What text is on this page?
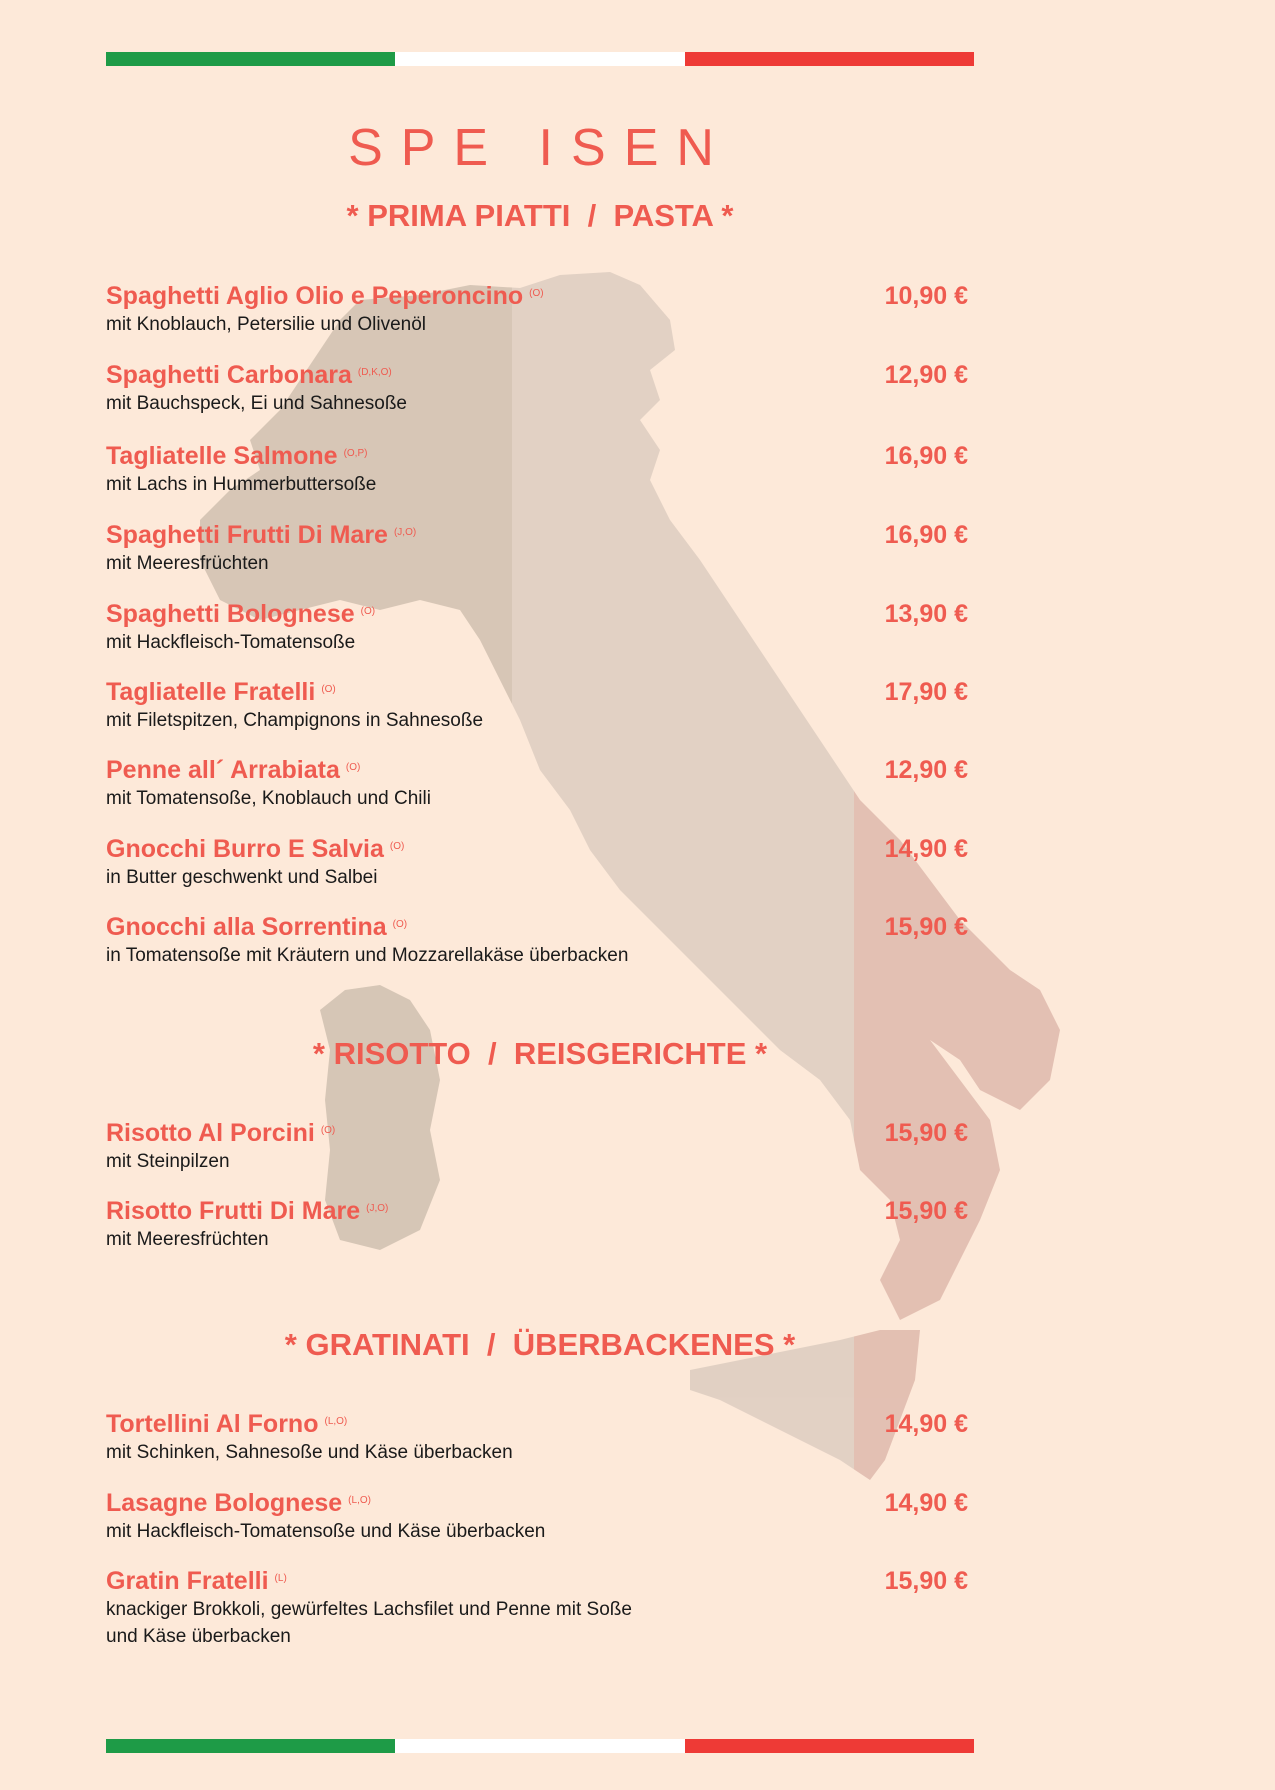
SPE ISEN
* PRIMA PIATTI  /  PASTA *
Spaghetti Aglio Olio e Peperoncino $^{(O)}$	10,90 €
mit Knoblauch, Petersilie und Olivenöl
Spaghetti Carbonara $^{(D,K,O)}$	12,90 €
mit Bauchspeck, Ei und Sahnesoße
Tagliatelle Salmone $^{(O,P)}$	16,90 €
mit Lachs in Hummerbuttersoße
Spaghetti Frutti Di Mare $^{(J,O)}$	16,90 €
mit Meeresfrüchten
Spaghetti Bolognese $^{(O)}$	13,90 €
mit Hackfleisch-Tomatensoße
Tagliatelle Fratelli $^{(O)}$	17,90 €
mit Filetspitzen, Champignons in Sahnesoße
Penne all´ Arrabiata $^{(O)}$	12,90 €
mit Tomatensoße, Knoblauch und Chili
Gnocchi Burro E Salvia $^{(O)}$	14,90 €
in Butter geschwenkt und Salbei
Gnocchi alla Sorrentina $^{(O)}$	15,90 €
in Tomatensoße mit Kräutern und Mozzarellakäse überbacken
* RISOTTO  /  REISGERICHTE *
Risotto Al Porcini $^{(O)}$	15,90 €
mit Steinpilzen
Risotto Frutti Di Mare $^{(J,O)}$	15,90 €
mit Meeresfrüchten
* GRATINATI  /  ÜBERBACKENES *
Tortellini Al Forno $^{(L,O)}$	14,90 €
mit Schinken, Sahnesoße und Käse überbacken
Lasagne Bolognese $^{(L,O)}$	14,90 €
mit Hackfleisch-Tomatensoße und Käse überbacken
Gratin Fratelli $^{(L)}$	15,90 €
knackiger Brokkoli, gewürfeltes Lachsfilet und Penne mit Soße
und Käse überbacken
